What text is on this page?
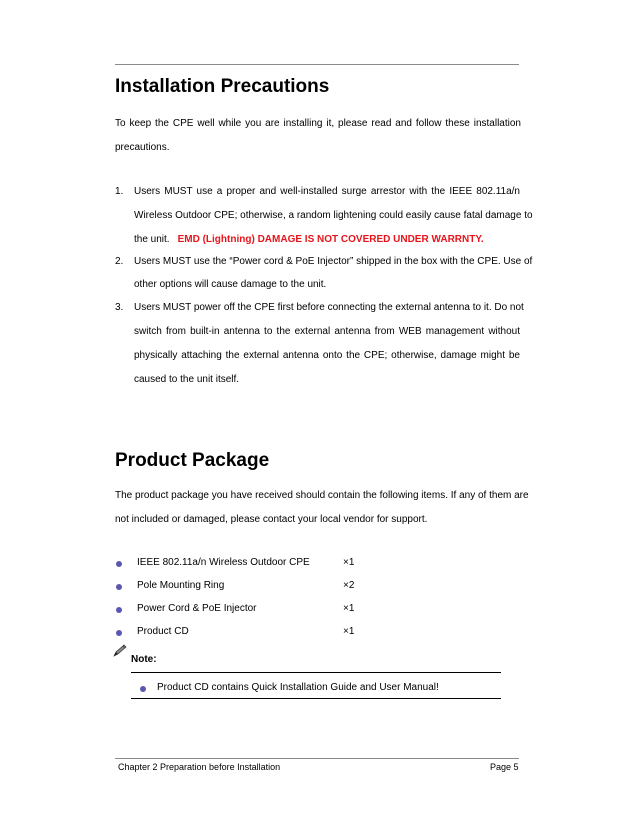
Installation Precautions
To keep the CPE well while you are installing it, please read and follow these installation
precautions.
1. Users MUST use a proper and well-installed surge arrestor with the IEEE 802.11a/n
Wireless Outdoor CPE; otherwise, a random lightening could easily cause fatal damage to
the unit. EMD (Lightning) DAMAGE IS NOT COVERED UNDER WARRNTY.
2. Users MUST use the “Power cord & PoE Injector” shipped in the box with the CPE. Use of
other options will cause damage to the unit.
3. Users MUST power off the CPE first before connecting the external antenna to it. Do not
switch from built-in antenna to the external antenna from WEB management without
physically attaching the external antenna onto the CPE; otherwise, damage might be
caused to the unit itself.
Product Package
The product package you have received should contain the following items. If any of them are
not included or damaged, please contact your local vendor for support.
IEEE 802.11a/n Wireless Outdoor CPE	×1
Pole Mounting Ring	×2
Power Cord & PoE Injector	×1
Product CD	×1
Note:
Product CD contains Quick Installation Guide and User Manual!
Chapter 2 Preparation before Installation	Page 5
